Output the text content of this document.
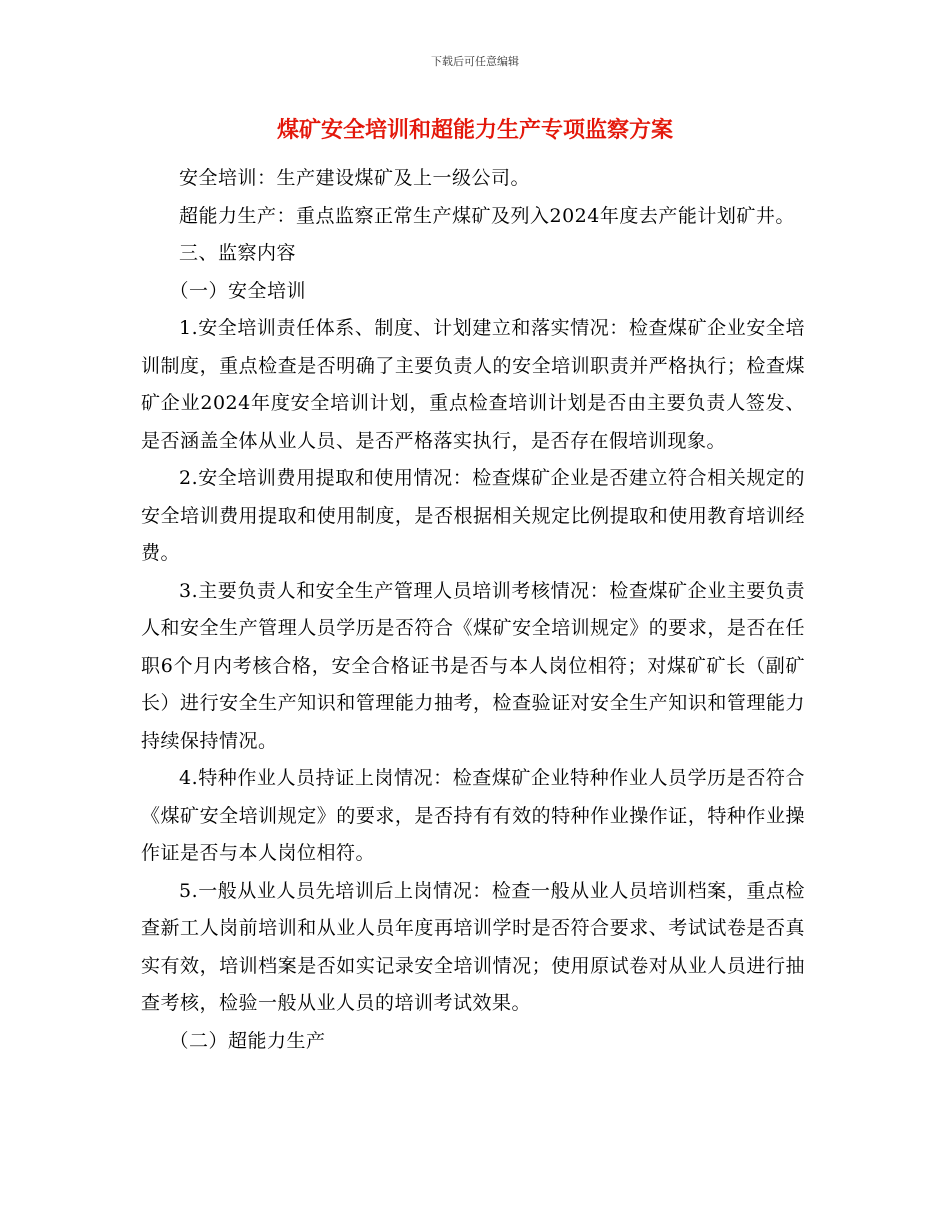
下载后可任意编辑
煤矿安全培训和超能力生产专项监察方案

安全培训：生产建设煤矿及上一级公司。

超能力生产：重点监察正常生产煤矿及列入2024年度去产能计划矿井。

三、监察内容

（一）安全培训

1.安全培训责任体系、制度、计划建立和落实情况：检查煤矿企业安全培训制度，重点检查是否明确了主要负责人的安全培训职责并严格执行；检查煤矿企业2024年度安全培训计划，重点检查培训计划是否由主要负责人签发、是否涵盖全体从业人员、是否严格落实执行，是否存在假培训现象。

2.安全培训费用提取和使用情况：检查煤矿企业是否建立符合相关规定的安全培训费用提取和使用制度，是否根据相关规定比例提取和使用教育培训经费。

3.主要负责人和安全生产管理人员培训考核情况：检查煤矿企业主要负责人和安全生产管理人员学历是否符合《煤矿安全培训规定》的要求，是否在任职6个月内考核合格，安全合格证书是否与本人岗位相符；对煤矿矿长（副矿长）进行安全生产知识和管理能力抽考，检查验证对安全生产知识和管理能力持续保持情况。

4.特种作业人员持证上岗情况：检查煤矿企业特种作业人员学历是否符合《煤矿安全培训规定》的要求，是否持有有效的特种作业操作证，特种作业操作证是否与本人岗位相符。

5.一般从业人员先培训后上岗情况：检查一般从业人员培训档案，重点检查新工人岗前培训和从业人员年度再培训学时是否符合要求、考试试卷是否真实有效，培训档案是否如实记录安全培训情况；使用原试卷对从业人员进行抽查考核，检验一般从业人员的培训考试效果。

（二）超能力生产
